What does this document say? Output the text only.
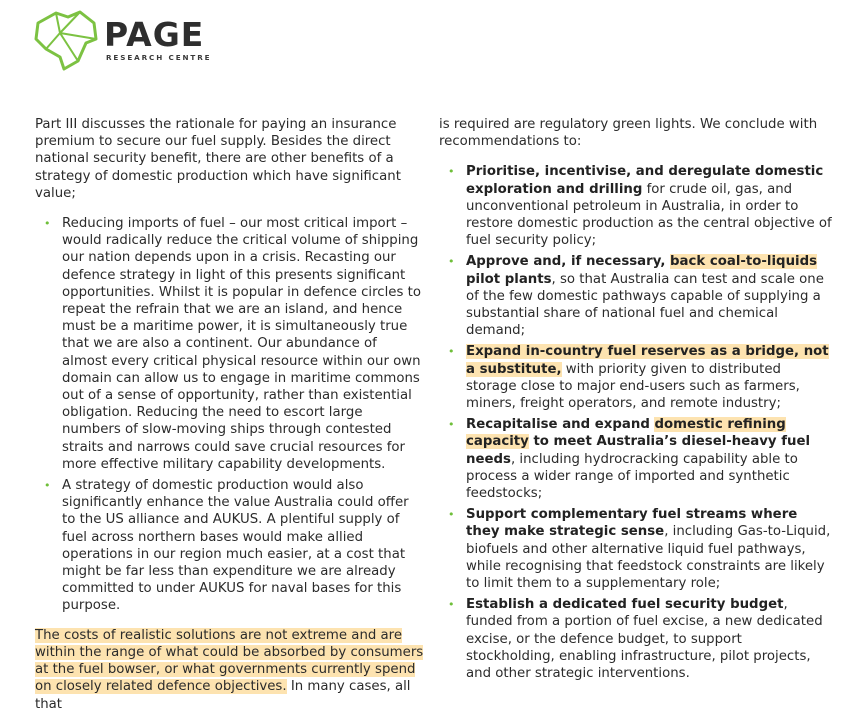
PAGE
RESEARCH CENTRE

Part III discusses the rationale for paying an insurance premium to secure our fuel supply. Besides the direct national security benefit, there are other benefits of a strategy of domestic production which have significant value;

• Reducing imports of fuel – our most critical import – would radically reduce the critical volume of shipping our nation depends upon in a crisis. Recasting our defence strategy in light of this presents significant opportunities. Whilst it is popular in defence circles to repeat the refrain that we are an island, and hence must be a maritime power, it is simultaneously true that we are also a continent. Our abundance of almost every critical physical resource within our own domain can allow us to engage in maritime commons out of a sense of opportunity, rather than existential obligation. Reducing the need to escort large numbers of slow-moving ships through contested straits and narrows could save crucial resources for more effective military capability developments.
• A strategy of domestic production would also significantly enhance the value Australia could offer to the US alliance and AUKUS. A plentiful supply of fuel across northern bases would make allied operations in our region much easier, at a cost that might be far less than expenditure we are already committed to under AUKUS for naval bases for this purpose.

The costs of realistic solutions are not extreme and are within the range of what could be absorbed by consumers at the fuel bowser, or what governments currently spend on closely related defence objectives. In many cases, all that

is required are regulatory green lights. We conclude with recommendations to:

• Prioritise, incentivise, and deregulate domestic exploration and drilling for crude oil, gas, and unconventional petroleum in Australia, in order to restore domestic production as the central objective of fuel security policy;
• Approve and, if necessary, back coal-to-liquids pilot plants, so that Australia can test and scale one of the few domestic pathways capable of supplying a substantial share of national fuel and chemical demand;
• Expand in-country fuel reserves as a bridge, not a substitute, with priority given to distributed storage close to major end-users such as farmers, miners, freight operators, and remote industry;
• Recapitalise and expand domestic refining capacity to meet Australia’s diesel-heavy fuel needs, including hydrocracking capability able to process a wider range of imported and synthetic feedstocks;
• Support complementary fuel streams where they make strategic sense, including Gas-to-Liquid, biofuels and other alternative liquid fuel pathways, while recognising that feedstock constraints are likely to limit them to a supplementary role;
• Establish a dedicated fuel security budget, funded from a portion of fuel excise, a new dedicated excise, or the defence budget, to support stockholding, enabling infrastructure, pilot projects, and other strategic interventions.
